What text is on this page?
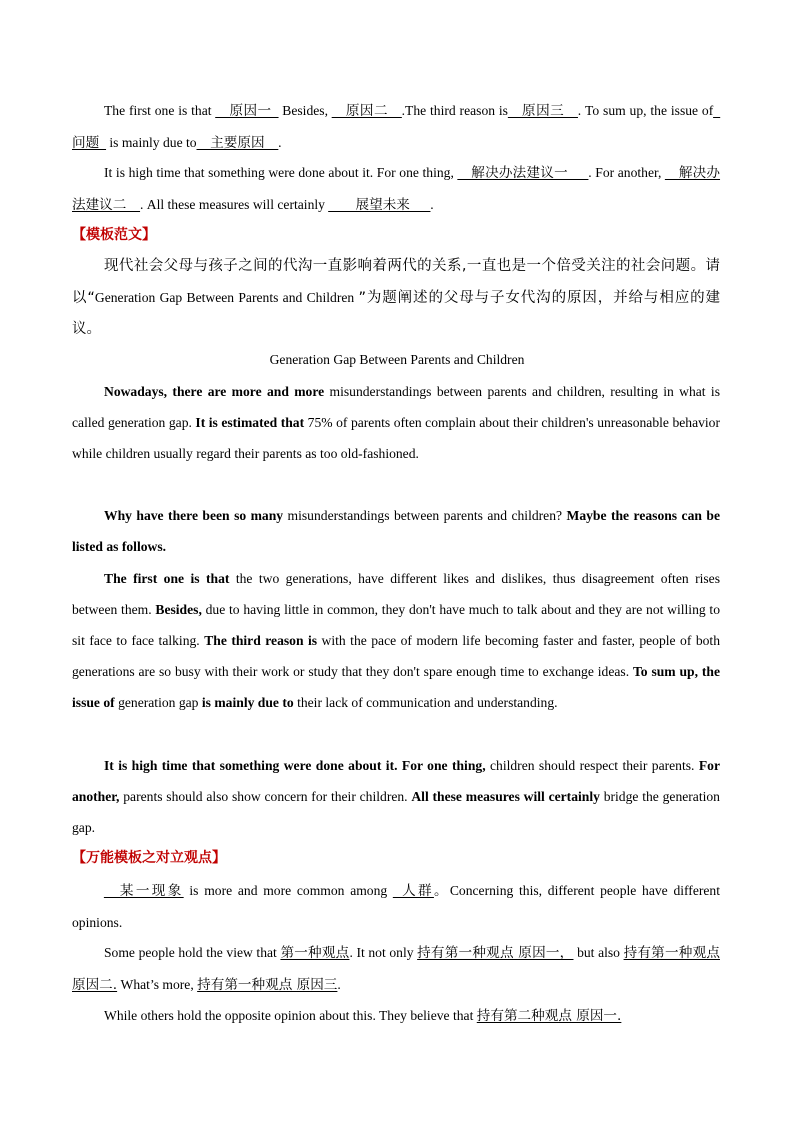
The first one is that __原因一_ Besides, __原因二__.The third reason is__原因三__. To sum up, the issue of_问题_ is mainly due to__主要原因__.

It is high time that something were done about it. For one thing, __解决办法建议一___. For another, __解决办法建议二__. All these measures will certainly ____展望未来___.

【模板范文】

现代社会父母与孩子之间的代沟一直影响着两代的关系,一直也是一个倍受关注的社会问题。请以“Generation Gap Between Parents and Children ”为题阐述的父母与子女代沟的原因，并给与相应的建议。

Generation Gap Between Parents and Children

Nowadays, there are more and more misunderstandings between parents and children, resulting in what is called generation gap. It is estimated that 75% of parents often complain about their children's unreasonable behavior while children usually regard their parents as too old-fashioned.

Why have there been so many misunderstandings between parents and children? Maybe the reasons can be listed as follows.

The first one is that the two generations, have different likes and dislikes, thus disagreement often rises between them. Besides, due to having little in common, they don't have much to talk about and they are not willing to sit face to face talking. The third reason is with the pace of modern life becoming faster and faster, people of both generations are so busy with their work or study that they don't spare enough time to exchange ideas. To sum up, the issue of generation gap is mainly due to their lack of communication and understanding.

It is high time that something were done about it. For one thing, children should respect their parents. For another, parents should also show concern for their children. All these measures will certainly bridge the generation gap.

【万能模板之对立观点】

__某一现象 is more and more common among _人群。Concerning this, different people have different opinions.

Some people hold the view that 第一种观点. It not only 持有第一种观点 原因一， but also 持有第一种观点 原因二. What’s more, 持有第一种观点 原因三.

While others hold the opposite opinion about this. They believe that 持有第二种观点 原因一.
